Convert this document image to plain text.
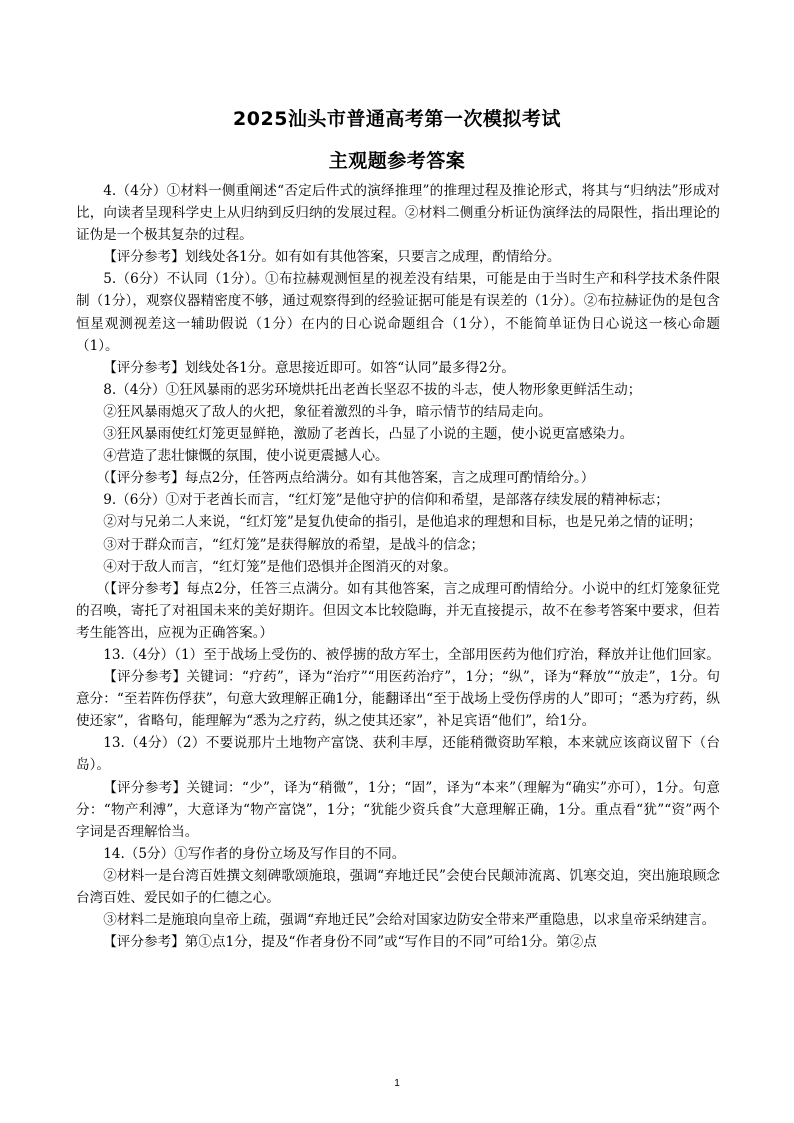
2025汕头市普通高考第一次模拟考试
主观题参考答案

4.（4分）①材料一侧重阐述“否定后件式的演绎推理”的推理过程及推论形式，将其与“归纳法”形成对比，向读者呈现科学史上从归纳到反归纳的发展过程。②材料二侧重分析证伪演绎法的局限性，指出理论的证伪是一个极其复杂的过程。

【评分参考】划线处各1分。如有如有其他答案，只要言之成理，酌情给分。

5.（6分）不认同（1分）。①布拉赫观测恒星的视差没有结果，可能是由于当时生产和科学技术条件限制（1分），观察仪器精密度不够，通过观察得到的经验证据可能是有误差的（1分）。②布拉赫证伪的是包含恒星观测视差这一辅助假说（1分）在内的日心说命题组合（1分），不能简单证伪日心说这一核心命题（1）。

【评分参考】划线处各1分。意思接近即可。如答“认同”最多得2分。

8.（4分）①狂风暴雨的恶劣环境烘托出老酋长坚忍不拔的斗志，使人物形象更鲜活生动；

②狂风暴雨熄灭了敌人的火把，象征着激烈的斗争，暗示情节的结局走向。

③狂风暴雨使红灯笼更显鲜艳，激励了老酋长，凸显了小说的主题，使小说更富感染力。

④营造了悲壮慷慨的氛围，使小说更震撼人心。

（【评分参考】每点2分，任答两点给满分。如有其他答案，言之成理可酌情给分。）

9.（6分）①对于老酋长而言，“红灯笼”是他守护的信仰和希望，是部落存续发展的精神标志；

②对与兄弟二人来说，“红灯笼”是复仇使命的指引，是他追求的理想和目标，也是兄弟之情的证明；

③对于群众而言，“红灯笼”是获得解放的希望，是战斗的信念；

④对于敌人而言，“红灯笼”是他们恐惧并企图消灭的对象。

（【评分参考】每点2分，任答三点满分。如有其他答案，言之成理可酌情给分。小说中的红灯笼象征党的召唤，寄托了对祖国未来的美好期许。但因文本比较隐晦，并无直接提示，故不在参考答案中要求，但若考生能答出，应视为正确答案。）

13.（4分）（1）至于战场上受伤的、被俘掳的敌方军士，全部用医药为他们疗治，释放并让他们回家。

【评分参考】关键词：“疗药”，译为“治疗”“用医药治疗”，1分；“纵”，译为“释放”“放走”，1分。句意分：“至若阵伤俘获”，句意大致理解正确1分，能翻译出“至于战场上受伤俘虏的人”即可；“悉为疗药，纵使还家”，省略句，能理解为“悉为之疗药，纵之使其还家”，补足宾语“他们”，给1分。

13.（4分）（2）不要说那片土地物产富饶、获利丰厚，还能稍微资助军粮，本来就应该商议留下（台岛）。

【评分参考】关键词：“少”，译为“稍微”，1分；“固”，译为“本来”（理解为“确实”亦可），1分。句意分：“物产利溥”，大意译为“物产富饶”，1分；“犹能少资兵食”大意理解正确，1分。重点看“犹”“资”两个字词是否理解恰当。

14.（5分）①写作者的身份立场及写作目的不同。

②材料一是台湾百姓撰文刻碑歌颂施琅，强调“弃地迁民”会使台民颠沛流离、饥寒交迫，突出施琅顾念台湾百姓、爱民如子的仁德之心。

③材料二是施琅向皇帝上疏，强调“弃地迁民”会给对国家边防安全带来严重隐患，以求皇帝采纳建言。

【评分参考】第①点1分，提及“作者身份不同”或“写作目的不同”可给1分。第②点

1
